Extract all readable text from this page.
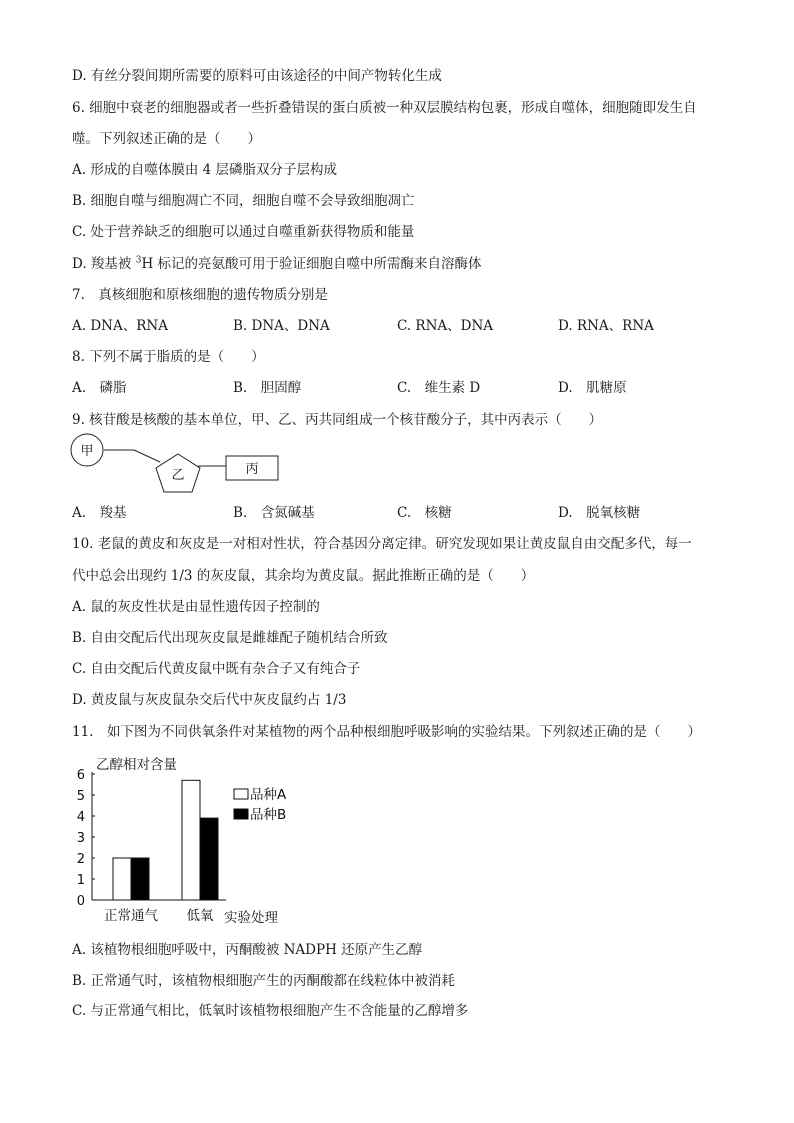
D. 有丝分裂间期所需要的原料可由该途径的中间产物转化生成
6. 细胞中衰老的细胞器或者一些折叠错误的蛋白质被一种双层膜结构包裹，形成自噬体，细胞随即发生自
噬。下列叙述正确的是（　　）
A. 形成的自噬体膜由 4 层磷脂双分子层构成
B. 细胞自噬与细胞凋亡不同，细胞自噬不会导致细胞凋亡
C. 处于营养缺乏的细胞可以通过自噬重新获得物质和能量
D. 羧基被 $^3$H 标记的亮氨酸可用于验证细胞自噬中所需酶来自溶酶体
7.　真核细胞和原核细胞的遗传物质分别是
A. DNA、RNA	B. DNA、DNA	C. RNA、DNA	D. RNA、RNA
8. 下列不属于脂质的是（　　）
A.　磷脂	B.　胆固醇	C.　维生素 D	D.　肌糖原
9. 核苷酸是核酸的基本单位，甲、乙、丙共同组成一个核苷酸分子，其中丙表示（　　）
甲
乙	丙
A.　羧基	B.　含氮碱基	C.　核糖	D.　脱氧核糖
10. 老鼠的黄皮和灰皮是一对相对性状，符合基因分离定律。研究发现如果让黄皮鼠自由交配多代，每一
代中总会出现约 1/3 的灰皮鼠，其余均为黄皮鼠。据此推断正确的是（　　）
A. 鼠的灰皮性状是由显性遗传因子控制的
B. 自由交配后代出现灰皮鼠是雌雄配子随机结合所致
C. 自由交配后代黄皮鼠中既有杂合子又有纯合子
D. 黄皮鼠与灰皮鼠杂交后代中灰皮鼠约占 1/3
11.　如下图为不同供氧条件对某植物的两个品种根细胞呼吸影响的实验结果。下列叙述正确的是（　　）
0
1
2
3
4
5
6
乙醇相对含量
正常通气 低氧 实验处理
品种A
品种B
A. 该植物根细胞呼吸中，丙酮酸被 NADPH 还原产生乙醇
B. 正常通气时，该植物根细胞产生的丙酮酸都在线粒体中被消耗
C. 与正常通气相比，低氧时该植物根细胞产生不含能量的乙醇增多
